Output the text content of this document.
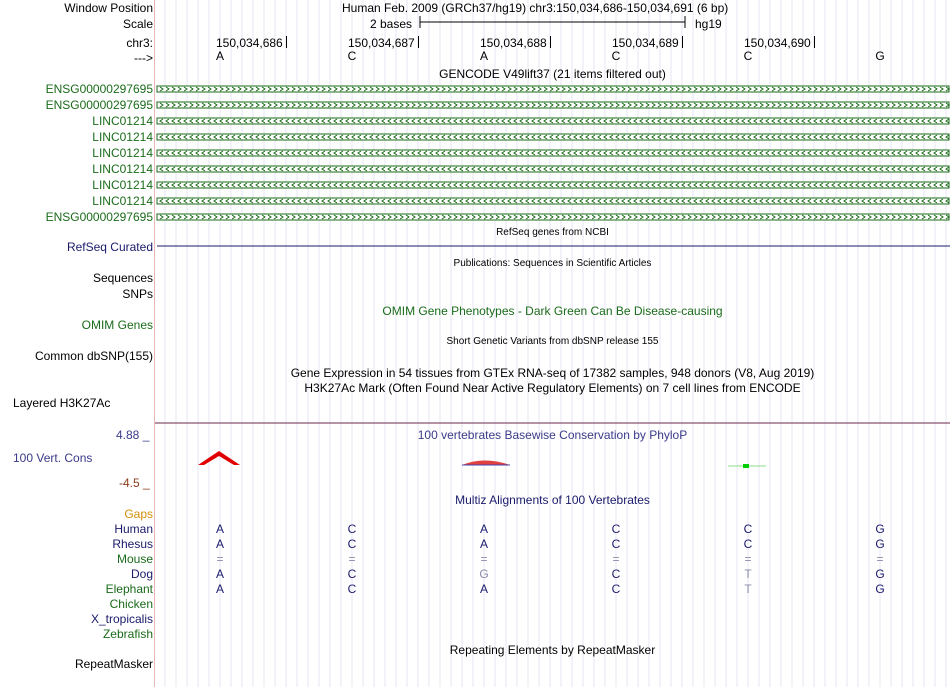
Window Position	Human Feb. 2009 (GRCh37/hg19) chr3:150,034,686-150,034,691 (6 bp)
Scale	2 bases	hg19
chr3:	150,034,686	150,034,687	150,034,688	150,034,689	150,034,690
--->	A	C	A	C	C	G
GENCODE V49lift37 (21 items filtered out)
ENSG00000297695
ENSG00000297695
LINC01214
LINC01214
LINC01214
LINC01214
LINC01214
LINC01214
ENSG00000297695
RefSeq genes from NCBI
RefSeq Curated
Publications: Sequences in Scientific Articles
Sequences
SNPs
OMIM Gene Phenotypes - Dark Green Can Be Disease-causing
OMIM Genes
Short Genetic Variants from dbSNP release 155
Common dbSNP(155)
Gene Expression in 54 tissues from GTEx RNA-seq of 17382 samples, 948 donors (V8, Aug 2019)
H3K27Ac Mark (Often Found Near Active Regulatory Elements) on 7 cell lines from ENCODE
Layered H3K27Ac
100 vertebrates Basewise Conservation by PhyloP
4.88 _
100 Vert. Cons
-4.5 _
Multiz Alignments of 100 Vertebrates
Gaps
Human	A	C	A	C	C	G
Rhesus	A	C	A	C	C	G
Mouse	=	=	=	=	=	=
Dog	A	C	G	C	T	G
Elephant	A	C	A	C	T	G
Chicken
X_tropicalis
Zebrafish
Repeating Elements by RepeatMasker
RepeatMasker
